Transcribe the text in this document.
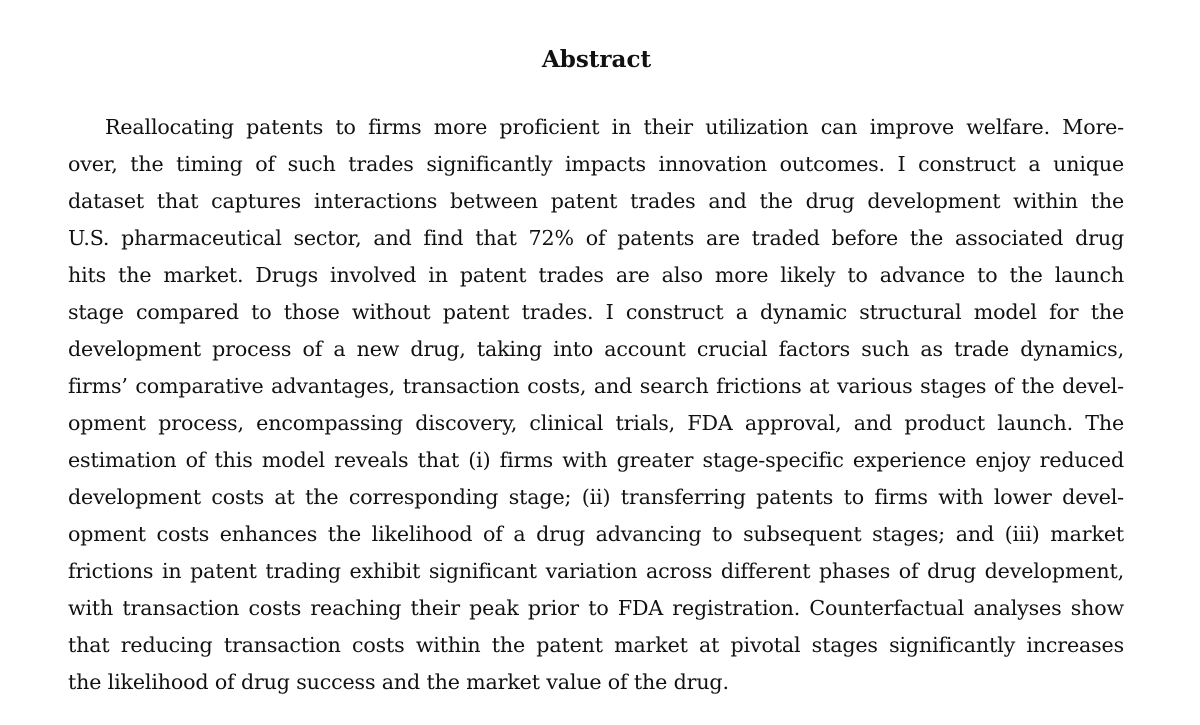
Abstract
Reallocating patents to firms more proficient in their utilization can improve welfare. More-
over, the timing of such trades significantly impacts innovation outcomes. I construct a unique
dataset that captures interactions between patent trades and the drug development within the
U.S. pharmaceutical sector, and find that 72% of patents are traded before the associated drug
hits the market. Drugs involved in patent trades are also more likely to advance to the launch
stage compared to those without patent trades. I construct a dynamic structural model for the
development process of a new drug, taking into account crucial factors such as trade dynamics,
firms’ comparative advantages, transaction costs, and search frictions at various stages of the devel-
opment process, encompassing discovery, clinical trials, FDA approval, and product launch. The
estimation of this model reveals that (i) firms with greater stage-specific experience enjoy reduced
development costs at the corresponding stage; (ii) transferring patents to firms with lower devel-
opment costs enhances the likelihood of a drug advancing to subsequent stages; and (iii) market
frictions in patent trading exhibit significant variation across different phases of drug development,
with transaction costs reaching their peak prior to FDA registration. Counterfactual analyses show
that reducing transaction costs within the patent market at pivotal stages significantly increases
the likelihood of drug success and the market value of the drug.
